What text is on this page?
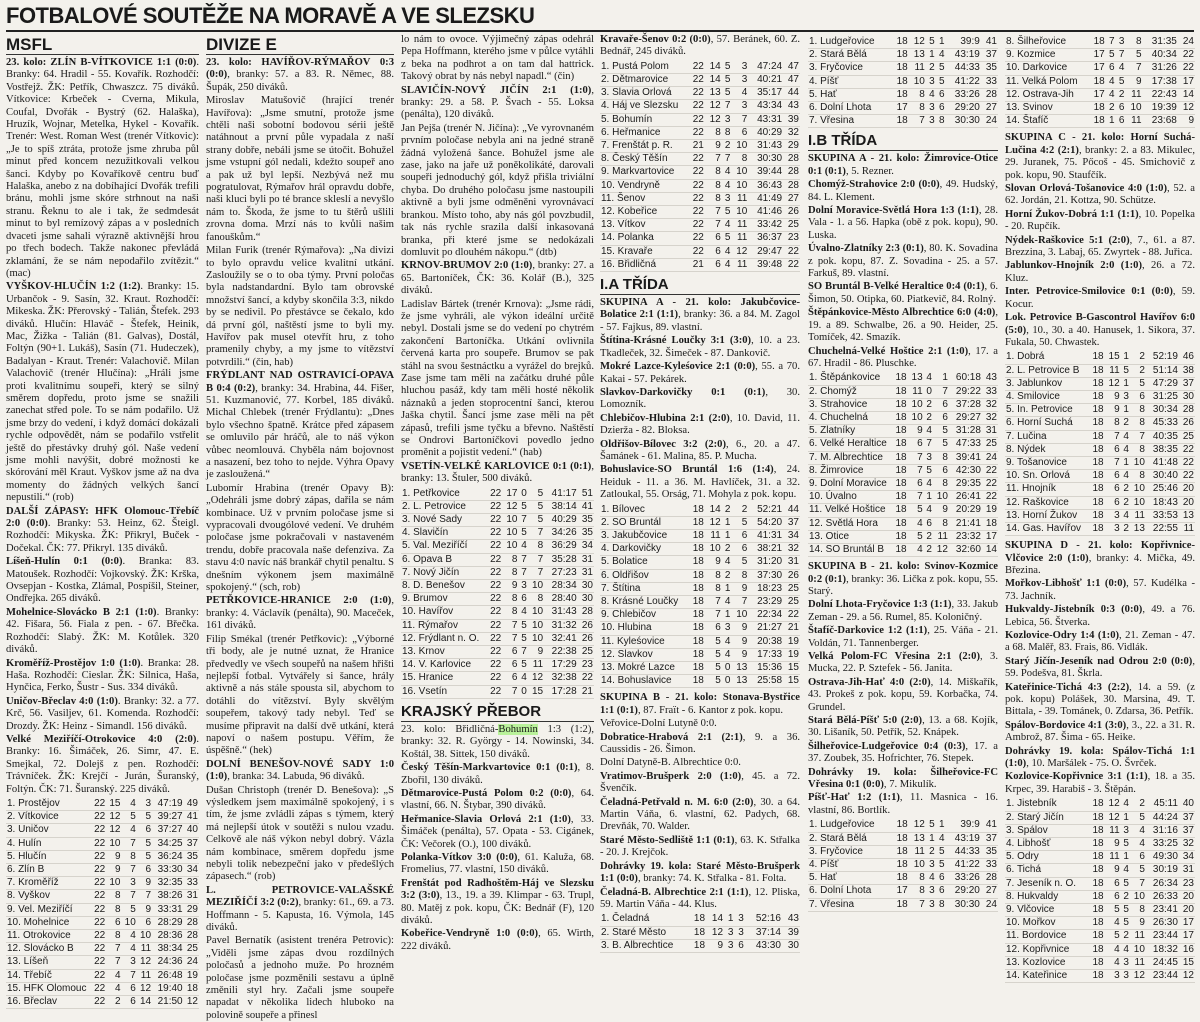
FOTBALOVÉ SOUTĚŽE NA MORAVĚ A VE SLEZSKU
MSFL

23. kolo: ZLÍN B-VÍTKOVICE 1:1 (0:0). Branky: 64. Hradil - 55. Kovařík. Rozhodčí: Vostřejž. ŽK: Petřík, Chwaszcz. 75 diváků. Vítkovice: Krbeček - Cverna, Mikula, Coufal, Dvořák - Bystrý (62. Halaška), Hruzík, Wojnar, Metelka, Hykel - Kovařík. Trenér: West. Roman West (trenér Vítkovic): „Je to spíš ztráta, protože jsme zhruba půl minut před koncem nezužitkovali velkou šanci. Kdyby po Kovaříkově centru buď Halaška, anebo z na dobíhající Dvořák trefili bránu, mohli jsme skóre strhnout na naši stranu. Řeknu to ale i tak, že sedmdesát minut to byl remízový zápas a v posledních dvaceti jsme sahali výrazně aktivnější hrou po třech bodech. Takže nakonec převládá zklamání, že se nám nepodařilo zvítězit.“ (mac)

VYŠKOV-HLUČÍN 1:2 (1:2). Branky: 15. Urbančok - 9. Sasín, 32. Kraut. Rozhodčí: Mikeska. ŽK: Přerovský - Talián, Štefek. 293 diváků. Hlučín: Hlaváč - Štefek, Heinik, Mac, Žižka - Talián (81. Galvas), Dostál, Foltýn (90+1. Lukáš), Sasín (71. Hudeczek), Badalyan - Kraut. Trenér: Valachovič. Milan Valachovič (trenér Hlučína): „Hráli jsme proti kvalitnímu soupeři, který se silný směrem dopředu, proto jsme se snažili zanechat střed pole. To se nám podařilo. Už jsme brzy do vedení, i když domácí dokázali rychle odpovědět, nám se podařilo vstřelit ještě do přestávky druhý gól. Naše vedení jsme mohli navýšit, dobré možnosti ke skórování měl Kraut. Vyškov jsme až na dva momenty do žádných velkých šancí nepustili.“ (rob)

DALŠÍ ZÁPASY: HFK Olomouc-Třebíč 2:0 (0:0). Branky: 53. Heinz, 62. Šteigl. Rozhodčí: Mikyska. ŽK: Přikryl, Buček - Dočekal. ČK: 77. Přikryl. 135 diváků.

Líšeň-Hulín 0:1 (0:0). Branka: 83. Matoušek. Rozhodčí: Vojkovský. ŽK: Krška, Ovsepjan - Kostka, Zlámal, Pospíšil, Steiner, Ondřejka. 265 diváků.

Mohelnice-Slovácko B 2:1 (1:0). Branky: 42. Fišara, 56. Fiala z pen. - 67. Břečka. Rozhodčí: Slabý. ŽK: M. Kotůlek. 320 diváků.

Kroměříž-Prostějov 1:0 (1:0). Branka: 28. Haša. Rozhodčí: Cieslar. ŽK: Silnica, Haša, Hynčica, Ferko, Šustr - Sus. 334 diváků.

Uničov-Břeclav 4:0 (1:0). Branky: 32. a 77. Krč, 56. Vasiljev, 61. Komenda. Rozhodčí: Drozdy. ŽK: Heinz - Simandl. 156 diváků.

Velké Meziříčí-Otrokovice 4:0 (2:0). Branky: 16. Šimáček, 26. Simr, 47. E. Smejkal, 72. Dolejš z pen. Rozhodčí: Trávníček. ŽK: Krejčí - Jurán, Šuranský, Foltýn. ČK: 71. Šuranský. 225 diváků.

1. Prostějov	22	15	4	3	47:19	49
2. Vítkovice	22	12	5	5	39:27	41
3. Uničov	22	12	4	6	37:27	40
4. Hulín	22	10	7	5	34:25	37
5. Hlučín	22	9	8	5	36:24	35
6. Zlín B	22	9	7	6	33:30	34
7. Kroměříž	22	10	3	9	32:35	33
8. Vyškov	22	8	7	7	38:26	31
9. Vel. Meziříčí	22	8	5	9	33:31	29
10. Mohelnice	22	6	10	6	28:29	28
11. Otrokovice	22	8	4	10	28:36	28
12. Slovácko B	22	7	4	11	38:34	25
13. Líšeň	22	7	3	12	24:36	24
14. Třebíč	22	4	7	11	26:48	19
15. HFK Olomouc	22	4	6	12	19:40	18
16. Břeclav	22	2	6	14	21:50	12
DIVIZE E

23. kolo: HAVÍŘOV-RÝMAŘOV 0:3 (0:0), branky: 57. a 83. R. Němec, 88. Šupák, 250 diváků.

Miroslav Matušovič (hrající trenér Havířova): „Jsme smutní, protože jsme chtěli naši sobotní bodovou sérii ještě natáhnout a první půle vypadala z naší strany dobře, nebáli jsme se útočit. Bohužel jsme vstupní gól nedali, kdežto soupeř ano a pak už byl lepší. Nezbývá než mu pogratulovat, Rýmařov hrál opravdu dobře, naši kluci byli po té brance skleslí a nevyšlo nám to. Škoda, že jsme to tu štěrů ušlili zrovna doma. Mrzí nás to kvůli našim fanouškům.“

Milan Furik (trenér Rýmařova): „Na divizi to bylo opravdu velice kvalitní utkání. Zasloužily se o to oba týmy. První poločas byla nadstandardní. Bylo tam obrovské množství šancí, a kdyby skončila 3:3, nikdo by se nedivil. Po přestávce se čekalo, kdo dá první gól, naštěstí jsme to byli my. Havířov pak musel otevřít hru, z toho pramenily chyby, a my jsme to vítězství potvrdili.“ (čin, hab)

FRÝDLANT NAD OSTRAVICÍ-OPAVA B 0:4 (0:2), branky: 34. Hrabina, 44. Fišer, 51. Kuzmanović, 77. Korbel, 185 diváků. Michal Chlebek (trenér Frýdlantu): „Dnes bylo všechno špatně. Krátce před zápasem se omluvilo pár hráčů, ale to náš výkon vůbec neomlouvá. Chyběla nám bojovnost a nasazení, bez toho to nejde. Výhra Opavy je zasloužená.“

Lubomír Hrabina (trenér Opavy B): „Odehráli jsme dobrý zápas, dařila se nám kombinace. Už v prvním poločase jsme si vypracovali dvougólové vedení. Ve druhém poločase jsme pokračovali v nastaveném trendu, dobře pracovala naše defenziva. Za stavu 4:0 navíc náš brankář chytil penaltu. S dnešním výkonem jsem maximálně spokojený.“ (sch, rob)

PETŘKOVICE-HRANICE 2:0 (1:0), branky: 4. Václavík (penálta), 90. Maceček, 161 diváků.

Filip Smékal (trenér Petřkovic): „Výborné tři body, ale je nutné uznat, že Hranice předvedly ve všech soupeřů na našem hřišti nejlepší fotbal. Vytvářely si šance, hrály aktivně a nás stále spousta sil, abychom to dotáhli do vítězství. Byly skvělým soupeřem, takový tady nebyl. Teď se musíme připravit na další dvě utkání, která napoví o našem postupu. Věřím, že úspěšně.“ (hek)

DOLNÍ BENEŠOV-NOVÉ SADY 1:0 (1:0), branka: 34. Labuda, 96 diváků.

Dušan Christoph (trenér D. Benešova): „S výsledkem jsem maximálně spokojený, i s tím, že jsme zvládli zápas s týmem, který má nejlepší útok v soutěži s nulou vzadu. Celkově ale náš výkon nebyl dobrý. Vázla nám kombinace, směrem dopředu jsme nebyli tolik nebezpeční jako v předešlých zápasech.“ (rob)

L. PETROVICE-VALAŠSKÉ MEZIŘÍČÍ 3:2 (0:2), branky: 61., 69. a 73. Hoffmann - 5. Kapusta, 16. Výmola, 145 diváků.

Pavel Bernatík (asistent trenéra Petrovic): „Viděli jsme zápas dvou rozdílných poločasů a jednoho muže. Po hrozném poločase jsme pozměnili sestavu a úplně změnili styl hry. Začali jsme soupeře napadat v několika lidech hluboko na polovině soupeře a přinesl

lo nám to ovoce. Výjimečný zápas odehrál Pepa Hoffmann, kterého jsme v půlce vytáhli z beka na podhrot a on tam dal hattrick. Takový obrat by nás nebyl napadl.“ (čin)

SLAVIČÍN-NOVÝ JIČÍN 2:1 (1:0), branky: 29. a 58. P. Švach - 55. Loksa (penálta), 120 diváků.

Jan Pejša (trenér N. Jičína): „Ve vyrovnaném prvním poločase nebyla ani na jedné straně žádná vyložená šance. Bohužel jsme ale zase, jako na jaře už poněkolikáté, darovali soupeři jednoduchý gól, když přišla triviální chyba. Do druhého poločasu jsme nastoupili aktivně a byli jsme odměněni vyrovnávací brankou. Místo toho, aby nás gól povzbudil, tak nás rychle srazila další inkasovaná branka, při které jsme se nedokázali domluvit po dlouhém nákopu.“ (dtb)

KRNOV-BRUMOV 2:0 (1:0), branky: 27. a 65. Bartoníček, ČK: 36. Kolář (B.), 325 diváků.

Ladislav Bártek (trenér Krnova): „Jsme rádi, že jsme vyhráli, ale výkon ideální určitě nebyl. Dostali jsme se do vedení po chytrém zakončení Bartoníčka. Utkání ovlivnila červená karta pro soupeře. Brumov se pak stáhl na svou šestnáctku a vyrážel do brejků. Zase jsme tam měli na začátku druhé půle hluchou pasáž, kdy tam měli hosté několik náznaků a jeden stoprocentní šanci, kterou Jaška chytil. Šancí jsme zase měli na pět zápasů, trefili jsme tyčku a břevno. Naštěstí se Ondrovi Bartoníčkovi povedlo jedno proměnit a pojistit vedení.“ (hab)

VSETÍN-VELKÉ KARLOVICE 0:1 (0:1), branky: 13. Štuler, 500 diváků.

1. Petřkovice	22	17	0	5	41:17	51
2. L. Petrovice	22	12	5	5	38:14	41
3. Nové Sady	22	10	7	5	40:29	35
4. Slavičín	22	10	5	7	34:26	35
5. Val. Meziříčí	22	10	4	8	36:29	34
6. Opava B	22	8	7	7	35:28	31
7. Nový Jičín	22	8	7	7	27:23	31
8. D. Benešov	22	9	3	10	28:34	30
9. Brumov	22	8	6	8	28:40	30
10. Havířov	22	8	4	10	31:43	28
11. Rýmařov	22	7	5	10	31:32	26
12. Frýdlant n. O.	22	7	5	10	32:41	26
13. Krnov	22	6	7	9	22:38	25
14. V. Karlovice	22	6	5	11	17:29	23
15. Hranice	22	6	4	12	32:38	22
16. Vsetín	22	7	0	15	17:28	21
KRAJSKÝ PŘEBOR

23. kolo: Břidličná-Bohumín 1:3 (1:2), branky: 32. R. György - 14. Nowinski, 34. Koštál, 38. Sittek, 150 diváků.

Český Těšín-Markvartovice 0:1 (0:1), 8. Zbořil, 130 diváků.

Dětmarovice-Pustá Polom 0:2 (0:0), 64. vlastní, 66. N. Štybar, 390 diváků.

Heřmanice-Slavia Orlová 2:1 (1:0), 33. Šimáček (penálta), 57. Opata - 53. Cigánek, ČK: Večorek (O.), 100 diváků.

Polanka-Vítkov 3:0 (0:0), 61. Kaluža, 68. Fromelius, 77. vlastní, 150 diváků.

Frenštát pod Radhoštěm-Háj ve Slezsku 3:2 (3:0), 13., 19. a 39. Klimpar - 63. Trupl, 80. Matěj z pok. kopu, ČK: Bednář (F), 120 diváků.

Kobeřice-Vendryně 1:0 (0:0), 65. Wirth, 222 diváků.

Kravaře-Šenov 0:2 (0:0), 57. Beránek, 60. Z. Bednář, 245 diváků.

1. Pustá Polom	22	14	5	3	47:24	47
2. Dětmarovice	22	14	5	3	40:21	47
3. Slavia Orlová	22	13	5	4	35:17	44
4. Háj ve Slezsku	22	12	7	3	43:34	43
5. Bohumín	22	12	3	7	43:31	39
6. Heřmanice	22	8	8	6	40:29	32
7. Frenštát p. R.	21	9	2	10	31:43	29
8. Český Těšín	22	7	7	8	30:30	28
9. Markvartovice	22	8	4	10	39:44	28
10. Vendryně	22	8	4	10	36:43	28
11. Šenov	22	8	3	11	41:49	27
12. Kobeřice	22	7	5	10	41:46	26
13. Vítkov	22	7	4	11	33:42	25
14. Polanka	22	6	5	11	36:37	23
15. Kravaře	22	6	4	12	29:47	22
16. Břidličná	21	6	4	11	39:48	22
I.A TŘÍDA

SKUPINA A - 21. kolo: Jakubčovice-Bolatice 2:1 (1:1), branky: 36. a 84. M. Zagol - 57. Fajkus, 89. vlastní.

Štítina-Krásné Loučky 3:1 (3:0), 10. a 23. Tkadleček, 32. Šimeček - 87. Dankovič.

Mokré Lazce-Kyleśovice 2:1 (0:0), 55. a 70. Kakai - 57. Pekárek.

Slavkov-Darkovičky 0:1 (0:1), 30. Lomozník.

Chlebičov-Hlubina 2:1 (2:0), 10. David, 11. Dzierža - 82. Bloksa.

Oldřišov-Bílovec 3:2 (2:0), 6., 20. a 47. Šamánek - 61. Malina, 85. P. Mucha.

Bohuslavice-SO Bruntál 1:6 (1:4), 24. Heiduk - 11. a 36. M. Havlíček, 31. a 32. Zatloukal, 55. Orság, 71. Mohyla z pok. kopu.

1. Bílovec	18	14	2	2	52:21	44
2. SO Bruntál	18	12	1	5	54:20	37
3. Jakubčovice	18	11	1	6	41:31	34
4. Darkovičky	18	10	2	6	38:21	32
5. Bolatice	18	9	4	5	31:20	31
6. Oldřišov	18	8	2	8	37:30	26
7. Štítina	18	8	1	9	18:23	25
8. Krásné Loučky	18	7	4	7	23:29	25
9. Chlebičov	18	7	1	10	22:34	22
10. Hlubina	18	6	3	9	21:27	21
11. Kyleśovice	18	5	4	9	20:38	19
12. Slavkov	18	5	4	9	17:33	19
13. Mokré Lazce	18	5	0	13	15:36	15
14. Bohuslavice	18	5	0	13	25:58	15

SKUPINA B - 21. kolo: Stonava-Bystřice 1:1 (0:1), 87. Fraït - 6. Kantor z pok. kopu.

Veřovice-Dolní Lutyně 0:0.

Dobratice-Hrabová 2:1 (2:1), 9. a 36. Caussidis - 26. Šimon.

Dolní Datyně-B. Albrechtice 0:0.

Vratimov-Brušperk 2:0 (1:0), 45. a 72. Švenčík.

Čeladná-Petřvald n. M. 6:0 (2:0), 30. a 64. Martin Váňa, 6. vlastní, 62. Padych, 68. Drevňák, 70. Walder.

Staré Město-Sedliště 1:1 (0:1), 63. K. Střalka - 20. J. Krejčok.

Dohrávky 19. kola: Staré Město-Brušperk 1:1 (0:0), branky: 74. K. Střalka - 81. Folta.

Čeladná-B. Albrechtice 2:1 (1:1), 12. Pliska, 59. Martin Váňa - 44. Klus.

1. Čeladná	18	14	1	3	52:16	43
2. Staré Město	18	12	3	3	37:14	39
3. B. Albrechtice	18	9	3	6	43:30	30
1. Ludgeřovice	18	12	5	1	39:9	41
2. Stará Bělá	18	13	1	4	43:19	37
3. Fryčovice	18	11	2	5	44:33	35
4. Píšť	18	10	3	5	41:22	33
5. Hať	18	8	4	6	33:26	28
6. Dolní Lhota	17	8	3	6	29:20	27
7. Vřesina	18	7	3	8	30:30	24
I.B TŘÍDA

SKUPINA A - 21. kolo: Žimrovice-Otice 0:1 (0:1), 5. Rezner.

Chomýž-Strahovice 2:0 (0:0), 49. Hudský, 84. L. Klement.

Dolní Moravice-Světlá Hora 1:3 (1:1), 28. Vala - 1. a 56. Hapka (obě z pok. kopu), 90. Luska.

Úvalno-Zlatníky 2:3 (0:1), 80. K. Sovadina z pok. kopu, 87. Z. Sovadina - 25. a 57. Farkuš, 89. vlastní.

SO Bruntál B-Velké Heraltice 0:4 (0:1), 6. Šimon, 50. Otipka, 60. Piatkevič, 84. Rolný.

Štěpánkovice-Město Albrechtice 6:0 (4:0), 19. a 89. Schwalbe, 26. a 90. Heider, 25. Tomíček, 42. Smazík.

Chuchelná-Velké Hoštice 2:1 (1:0), 17. a 67. Hradil - 86. Pluschke.

1. Štěpánkovice	18	13	4	1	60:18	43
2. Chomýž	18	11	0	7	29:22	33
3. Strahovice	18	10	2	6	37:28	32
4. Chuchelná	18	10	2	6	29:27	32
5. Zlatníky	18	9	4	5	31:28	31
6. Velké Heraltice	18	6	7	5	47:33	25
7. M. Albrechtice	18	7	3	8	39:41	24
8. Žimrovice	18	7	5	6	42:30	22
9. Dolní Moravice	18	6	4	8	29:35	22
10. Úvalno	18	7	1	10	26:41	22
11. Velké Hoštice	18	5	4	9	20:29	19
12. Světlá Hora	18	4	6	8	21:41	18
13. Otice	18	5	2	11	23:32	17
14. SO Bruntál B	18	4	2	12	32:60	14

SKUPINA B - 21. kolo: Svinov-Kozmice 0:2 (0:1), branky: 36. Lička z pok. kopu, 55. Starý.

Dolní Lhota-Fryčovice 1:3 (1:1), 33. Jakub Zeman - 29. a 56. Rumel, 85. Koloničný.

Štafíč-Darkovice 1:2 (1:1), 25. Váňa - 21. Voldán, 71. Tannenberger.

Velká Polom-FC Vřesina 2:1 (2:0), 3. Mucka, 22. P. Sztefek - 56. Janita.

Ostrava-Jih-Hať 4:0 (2:0), 14. Miškařík, 43. Prokeš z pok. kopu, 59. Korbačka, 74. Grundel.

Stará Bělá-Píšť 5:0 (2:0), 13. a 68. Kojík, 30. Lišaník, 50. Petřík, 52. Knápek.

Šilheřovice-Ludgeřovice 0:4 (0:3), 17. a 37. Zoubek, 35. Hofrichter, 76. Stepek.

Dohrávky 19. kola: Šilheřovice-FC Vřesina 0:1 (0:0), 7. Mikulík.

Píšť-Hať 1:2 (1:1), 11. Masnica - 16. vlastní, 86. Bortlík.

1. Ludgeřovice	18	12	5	1	39:9	41
2. Stará Bělá	18	13	1	4	43:19	37
3. Fryčovice	18	11	2	5	44:33	35
4. Píšť	18	10	3	5	41:22	33
5. Hať	18	8	4	6	33:26	28
6. Dolní Lhota	17	8	3	6	29:20	27
7. Vřesina	18	7	3	8	30:30	24
8. Šilheřovice	18	7	3	8	31:35	24
9. Kozmice	17	5	7	5	40:34	22
10. Darkovice	17	6	4	7	31:26	22
11. Velká Polom	18	4	5	9	17:38	17
12. Ostrava-Jih	17	4	2	11	22:43	14
13. Svinov	18	2	6	10	19:39	12
14. Štafíč	18	1	6	11	23:68	9

SKUPINA C - 21. kolo: Horní Suchá-Lučina 4:2 (2:1), branky: 2. a 83. Mikulec, 29. Juranek, 75. Pőcoš - 45. Smichovič z pok. kopu, 90. Staufčík.

Slovan Orlová-Tošanovice 4:0 (1:0), 52. a 62. Jordán, 21. Kottza, 90. Schütze.

Horní Žukov-Dobrá 1:1 (1:1), 10. Popelka - 20. Rupčík.

Nýdek-Raškovice 5:1 (2:0), 7., 61. a 87. Brezzina, 3. Labaj, 65. Zwyrtek - 88. Juřica.

Jablunkov-Hnojník 2:0 (1:0), 26. a 72. Kluz.

Inter. Petrovice-Smilovice 0:1 (0:0), 59. Kocur.

Lok. Petrovice B-Gascontrol Havířov 6:0 (5:0), 10., 30. a 40. Hanusek, 1. Sikora, 37. Fukala, 50. Chwastek.

1. Dobrá	18	15	1	2	52:19	46
2. L. Petrovice B	18	11	5	2	51:14	38
3. Jablunkov	18	12	1	5	47:29	37
4. Smilovice	18	9	3	6	31:25	30
5. In. Petrovice	18	9	1	8	30:34	28
6. Horní Suchá	18	8	2	8	45:33	26
7. Lučina	18	7	4	7	40:35	25
8. Nýdek	18	6	4	8	38:35	22
9. Tošanovice	18	7	1	10	41:48	22
10. Sn. Orlová	18	6	4	8	30:40	22
11. Hnojník	18	6	2	10	25:46	20
12. Raškovice	18	6	2	10	18:43	20
13. Horní Žukov	18	3	4	11	33:53	13
14. Gas. Havířov	18	3	2	13	22:55	11

SKUPINA D - 21. kolo: Kopřivnice-Vlčovice 2:0 (1:0), branky: 4. Mička, 49. Březina.

Mořkov-Libhošť 1:1 (0:0), 57. Kudélka - 73. Jachník.

Hukvaldy-Jistebník 0:3 (0:0), 49. a 76. Lebica, 56. Štverka.

Kozlovice-Odry 1:4 (1:0), 21. Zeman - 47. a 68. Malěř, 83. Frais, 86. Vidlák.

Starý Jičín-Jeseník nad Odrou 2:0 (0:0), 59. Podešva, 81. Škrla.

Kateřinice-Tichá 4:3 (2:2), 14. a 59. (z pok. kopu) Polášek, 30. Marsina, 49. T. Bittala, - 39. Tománek, 0. Zdarsa, 36. Petřík.

Spálov-Bordovice 4:1 (3:0), 3., 22. a 31. R. Ambrož, 87. Šima - 65. Heike.

Dohrávky 19. kola: Spálov-Tichá 1:1 (1:0), 10. Maršálek - 75. O. Švrček.

Kozlovice-Kopřivnice 3:1 (1:1), 18. a 35. Krpec, 39. Harabiš - 3. Štěpán.

1. Jistebník	18	12	4	2	45:11	40
2. Starý Jičín	18	12	1	5	44:24	37
3. Spálov	18	11	3	4	31:16	37
4. Libhošť	18	9	5	4	33:25	32
5. Odry	18	11	1	6	49:30	34
6. Tichá	18	9	4	5	30:19	31
7. Jeseník n. O.	18	6	5	7	26:34	23
8. Hukvaldy	18	6	2	10	26:33	20
9. Vlčovice	18	5	5	8	23:41	20
10. Mořkov	18	4	5	9	26:30	17
11. Bordovice	18	5	2	11	23:44	17
12. Kopřivnice	18	4	4	10	18:32	16
13. Kozlovice	18	4	3	11	24:45	15
14. Kateřinice	18	3	3	12	23:44	12
